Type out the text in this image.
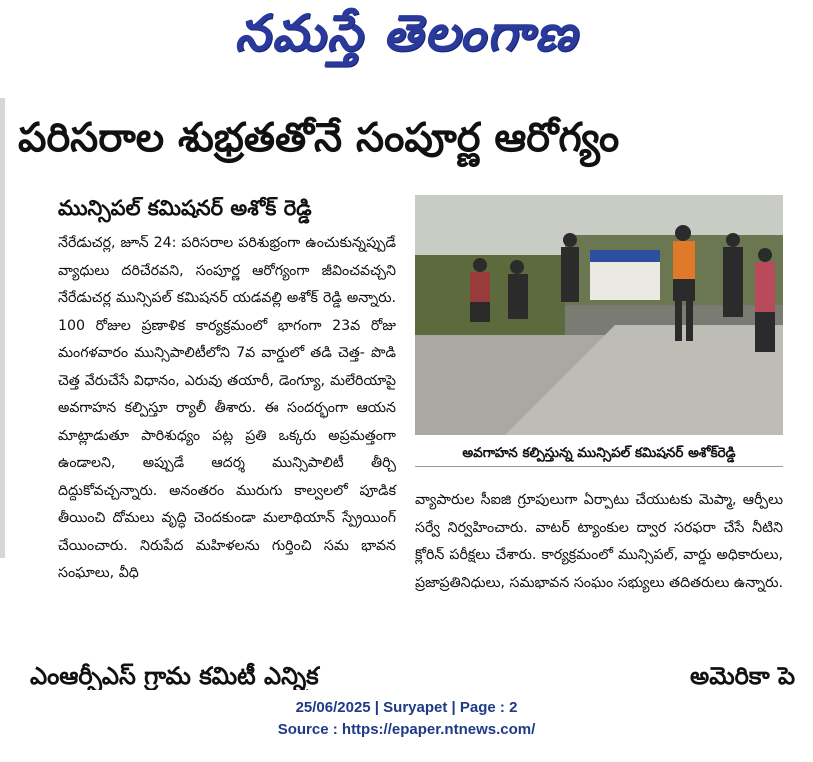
నమస్తే తెలంగాణ
పరిసరాల శుభ్రతతోనే సంపూర్ణ ఆరోగ్యం
మున్సిపల్ కమిషనర్ అశోక్ రెడ్డి

నేరేడుచర్ల, జూన్ 24: పరిసరాల పరిశుభ్రంగా ఉంచుకున్నప్పుడే వ్యాధులు దరిచేరవని, సంపూర్ణ ఆరోగ్యంగా జీవించవచ్చని నేరేడుచర్ల మున్సిపల్ కమిషనర్ యడవల్లి అశోక్ రెడ్డి అన్నారు. 100 రోజుల ప్రణాళిక కార్యక్రమంలో భాగంగా 23వ రోజు మంగళవారం మున్సిపాలిటీలోని 7వ వార్డులో తడి చెత్త- పొడి చెత్త వేరుచేసే విధానం, ఎరువు తయారీ, డెంగ్యూ, మలేరియాపై అవగాహన కల్పిస్తూ ర్యాలీ తీశారు. ఈ సందర్భంగా ఆయన మాట్లాడుతూ పారిశుధ్యం పట్ల ప్రతి ఒక్కరు అప్రమత్తంగా ఉండాలని, అప్పుడే ఆదర్శ మున్సిపాలిటీ తీర్చి దిద్దుకోవచ్చన్నారు. అనంతరం మురుగు కాల్వలలో పూడిక తీయించి దోమలు వృద్ధి చెందకుండా మలాథియాన్ స్ప్రేయింగ్ చేయించారు. నిరుపేద మహిళలను గుర్తించి సమ భావన సంఘాలు, వీధి

అవగాహన కల్పిస్తున్న మున్సిపల్ కమిషనర్ అశోక్‌రెడ్డి

వ్యాపారుల సీఐజి గ్రూపులుగా ఏర్పాటు చేయుటకు మెప్మా, ఆర్పీలు సర్వే నిర్వహించారు. వాటర్ ట్యాంకుల ద్వార సరఫరా చేసే నీటిని క్లోరిన్ పరీక్షలు చేశారు. కార్యక్రమంలో మున్సిపల్, వార్డు అధికారులు, ప్రజాప్రతినిధులు, సమభావన సంఘం సభ్యులు తదితరులు ఉన్నారు.

ఎంఆర్పీఎస్ గ్రామ కమిటీ ఎన్నిక	అమెరికా పె
25/06/2025 | Suryapet | Page : 2
Source : https://epaper.ntnews.com/
